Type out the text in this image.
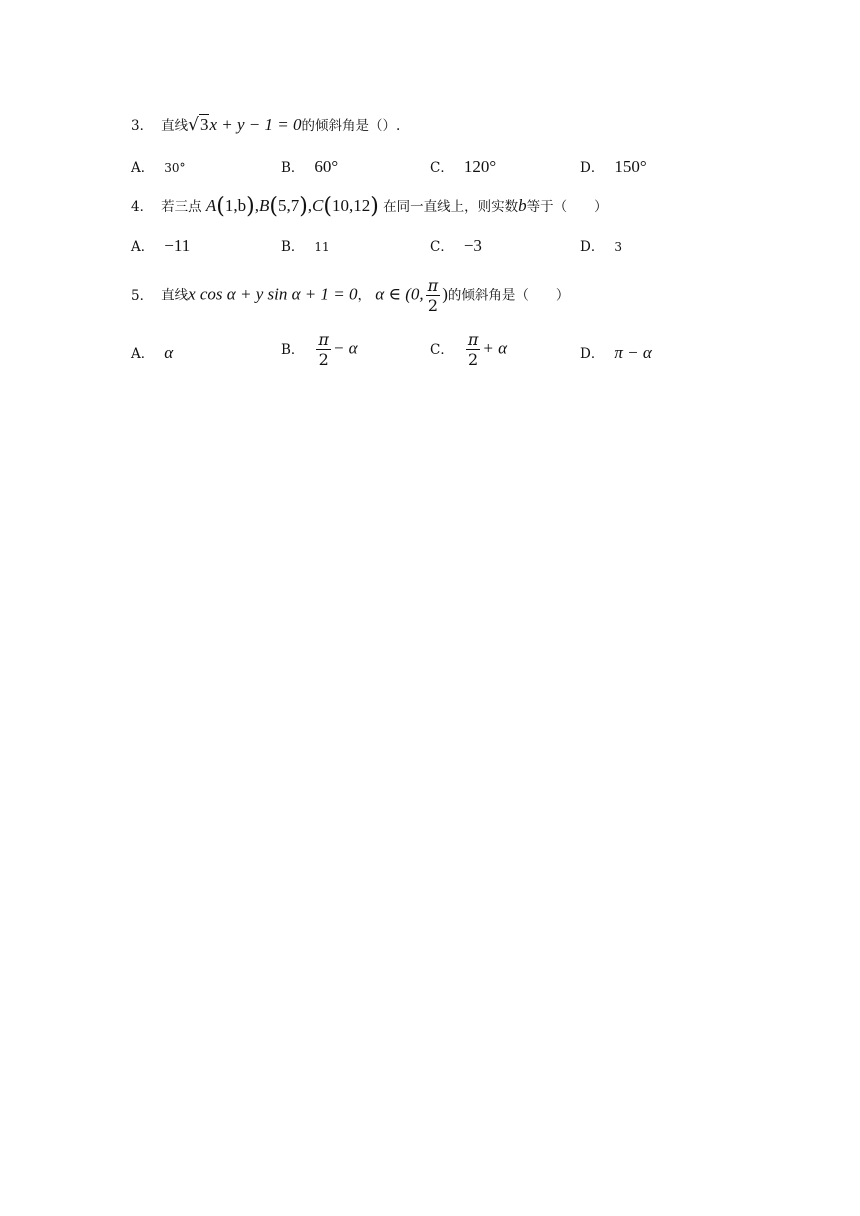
3． 直线√3x + y − 1 = 0的倾斜角是（）.
A． 30°	B． 60°	C． 120°	D． 150°
4． 若三点 A(1,b),B(5,7),C(10,12) 在同一直线上，则实数b等于（　　）
A． −11	B． 11	C． −3	D． 3
5． 直线x cos α + y sin α + 1 = 0， α ∈ (0, $\frac{\pi}{2}$ )的倾斜角是（　　）
A． α	B． $\frac{\pi}{2} - \alpha$	C． $\frac{\pi}{2} + \alpha$	D． π − α
